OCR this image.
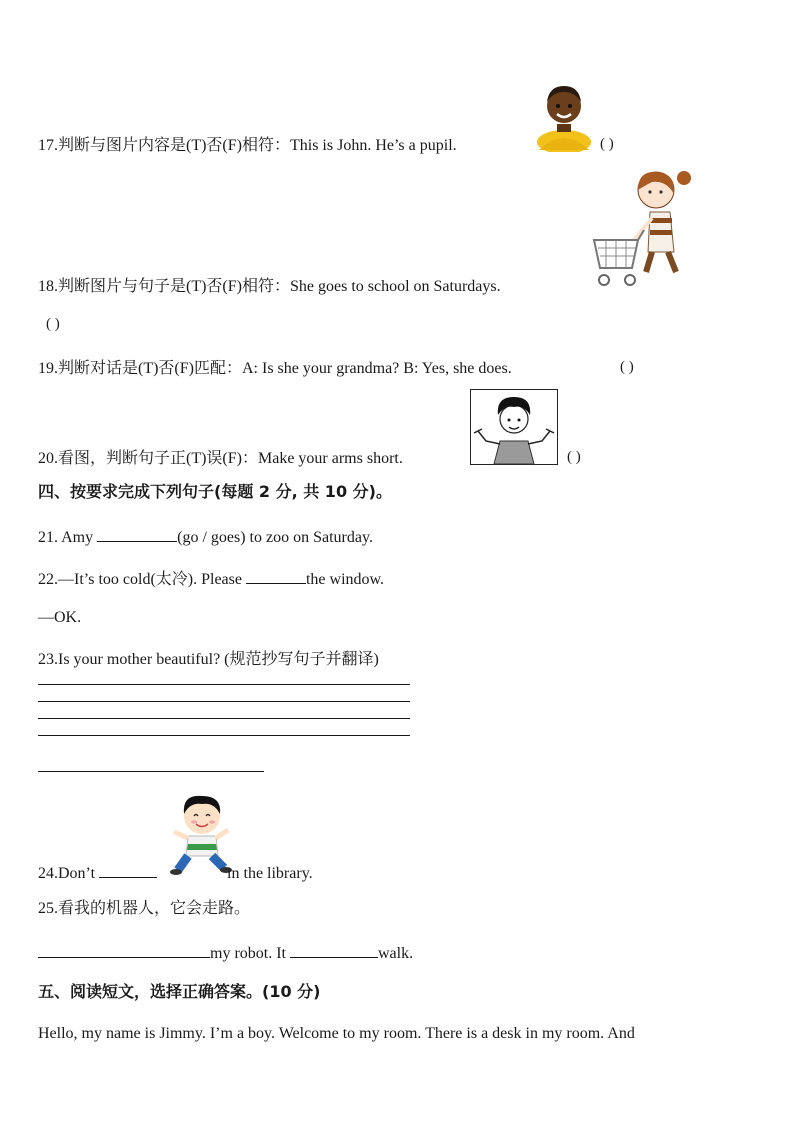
17.判断与图片内容是(T)否(F)相符：This is John. He’s a pupil.	( )
18.判断图片与句子是(T)否(F)相符：She goes to school on Saturdays.
( )
19.判断对话是(T)否(F)匹配：A: Is she your grandma? B: Yes, she does.	( )
20.看图，判断句子正(T)误(F)：Make your arms short.	( )
四、按要求完成下列句子(每题 2 分, 共 10 分)。
21. Amy	(go / goes) to zoo on Saturday.
22.—It’s too cold(太冷). Please	the window.
—OK.
23.Is your mother beautiful? (规范抄写句子并翻译)
24.Don’t	in the library.
25.看我的机器人，它会走路。
my robot. It	walk.
五、阅读短文，选择正确答案。(10 分)
Hello, my name is Jimmy. I’m a boy. Welcome to my room. There is a desk in my room. And
